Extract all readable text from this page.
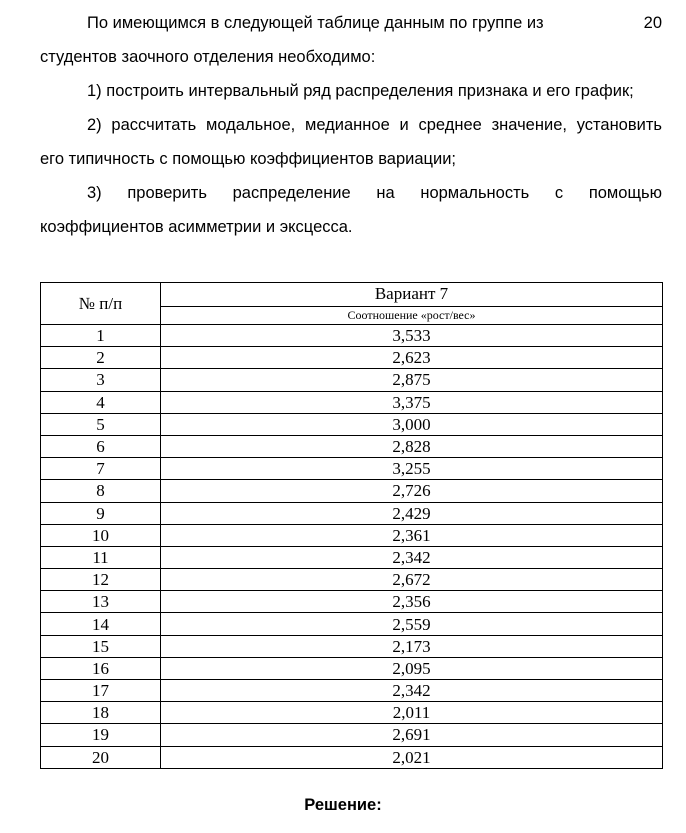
По имеющимся в следующей таблице данным по группе из	20
студентов заочного отделения необходимо:
1) построить интервальный ряд распределения признака и его график;
2) рассчитать модальное, медианное и среднее значение, установить
его типичность с помощью коэффициентов вариации;
3) проверить распределение на нормальность с помощью
коэффициентов асимметрии и эксцесса.
№ п/п	Вариант 7
	Соотношение «рост/вес»
1	3,533
2	2,623
3	2,875
4	3,375
5	3,000
6	2,828
7	3,255
8	2,726
9	2,429
10	2,361
11	2,342
12	2,672
13	2,356
14	2,559
15	2,173
16	2,095
17	2,342
18	2,011
19	2,691
20	2,021
Решение:
